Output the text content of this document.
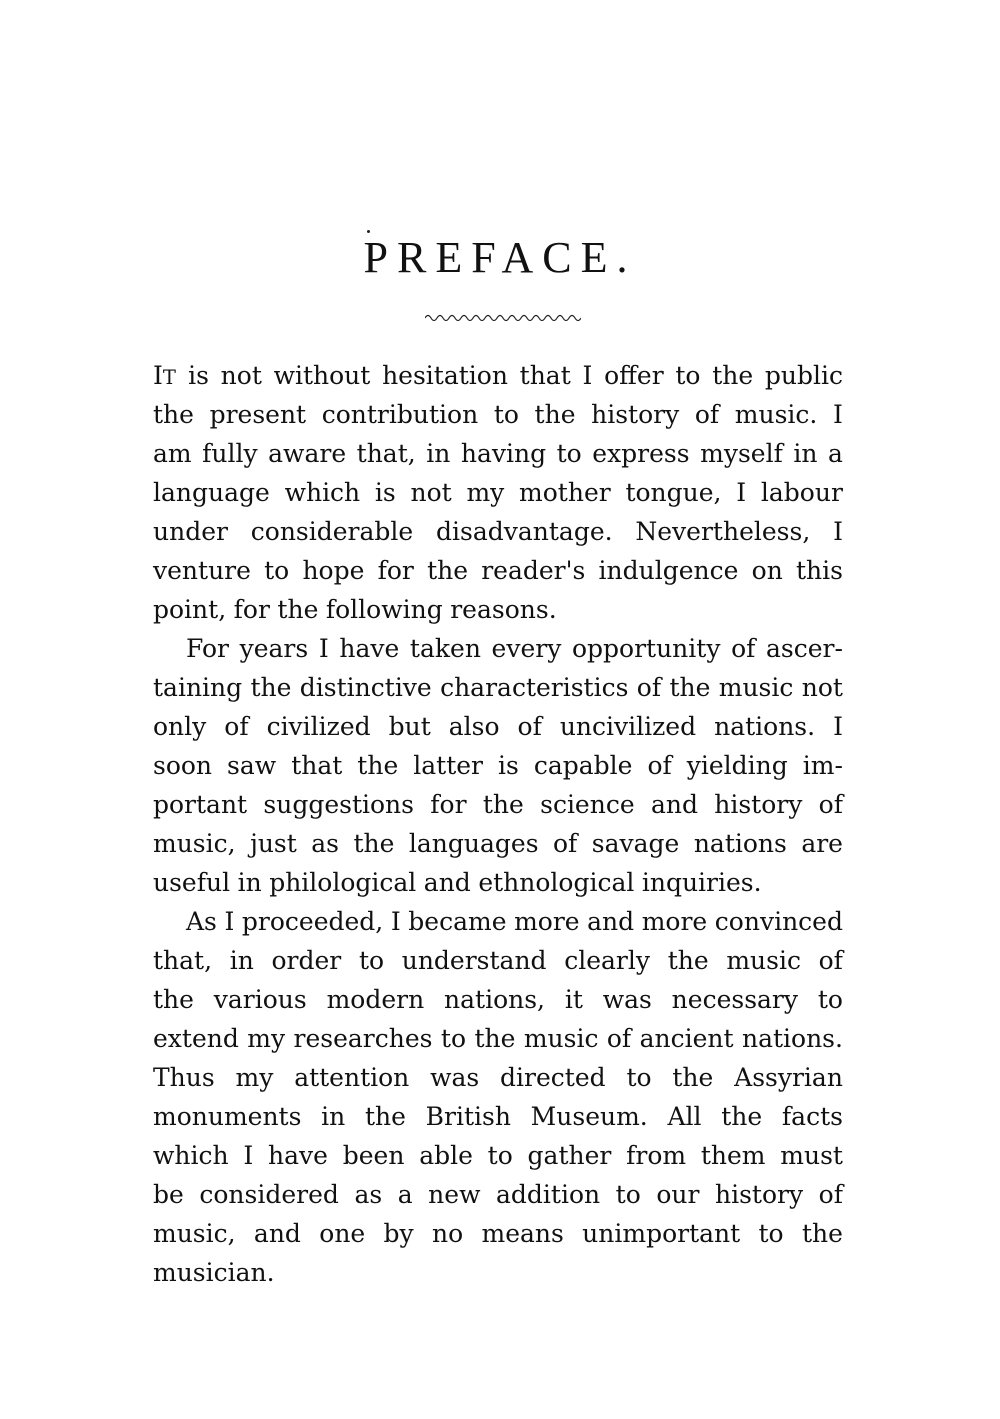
PREFACE.
IT is not without hesitation that I offer to the public
the present contribution to the history of music. I
am fully aware that, in having to express myself in a
language which is not my mother tongue, I labour
under considerable disadvantage. Nevertheless, I
venture to hope for the reader's indulgence on this
point, for the following reasons.
For years I have taken every opportunity of ascer-
taining the distinctive characteristics of the music not
only of civilized but also of uncivilized nations. I
soon saw that the latter is capable of yielding im-
portant suggestions for the science and history of
music, just as the languages of savage nations are
useful in philological and ethnological inquiries.
As I proceeded, I became more and more convinced
that, in order to understand clearly the music of
the various modern nations, it was necessary to
extend my researches to the music of ancient nations.
Thus my attention was directed to the Assyrian
monuments in the British Museum. All the facts
which I have been able to gather from them must
be considered as a new addition to our history of
music, and one by no means unimportant to the
musician.
